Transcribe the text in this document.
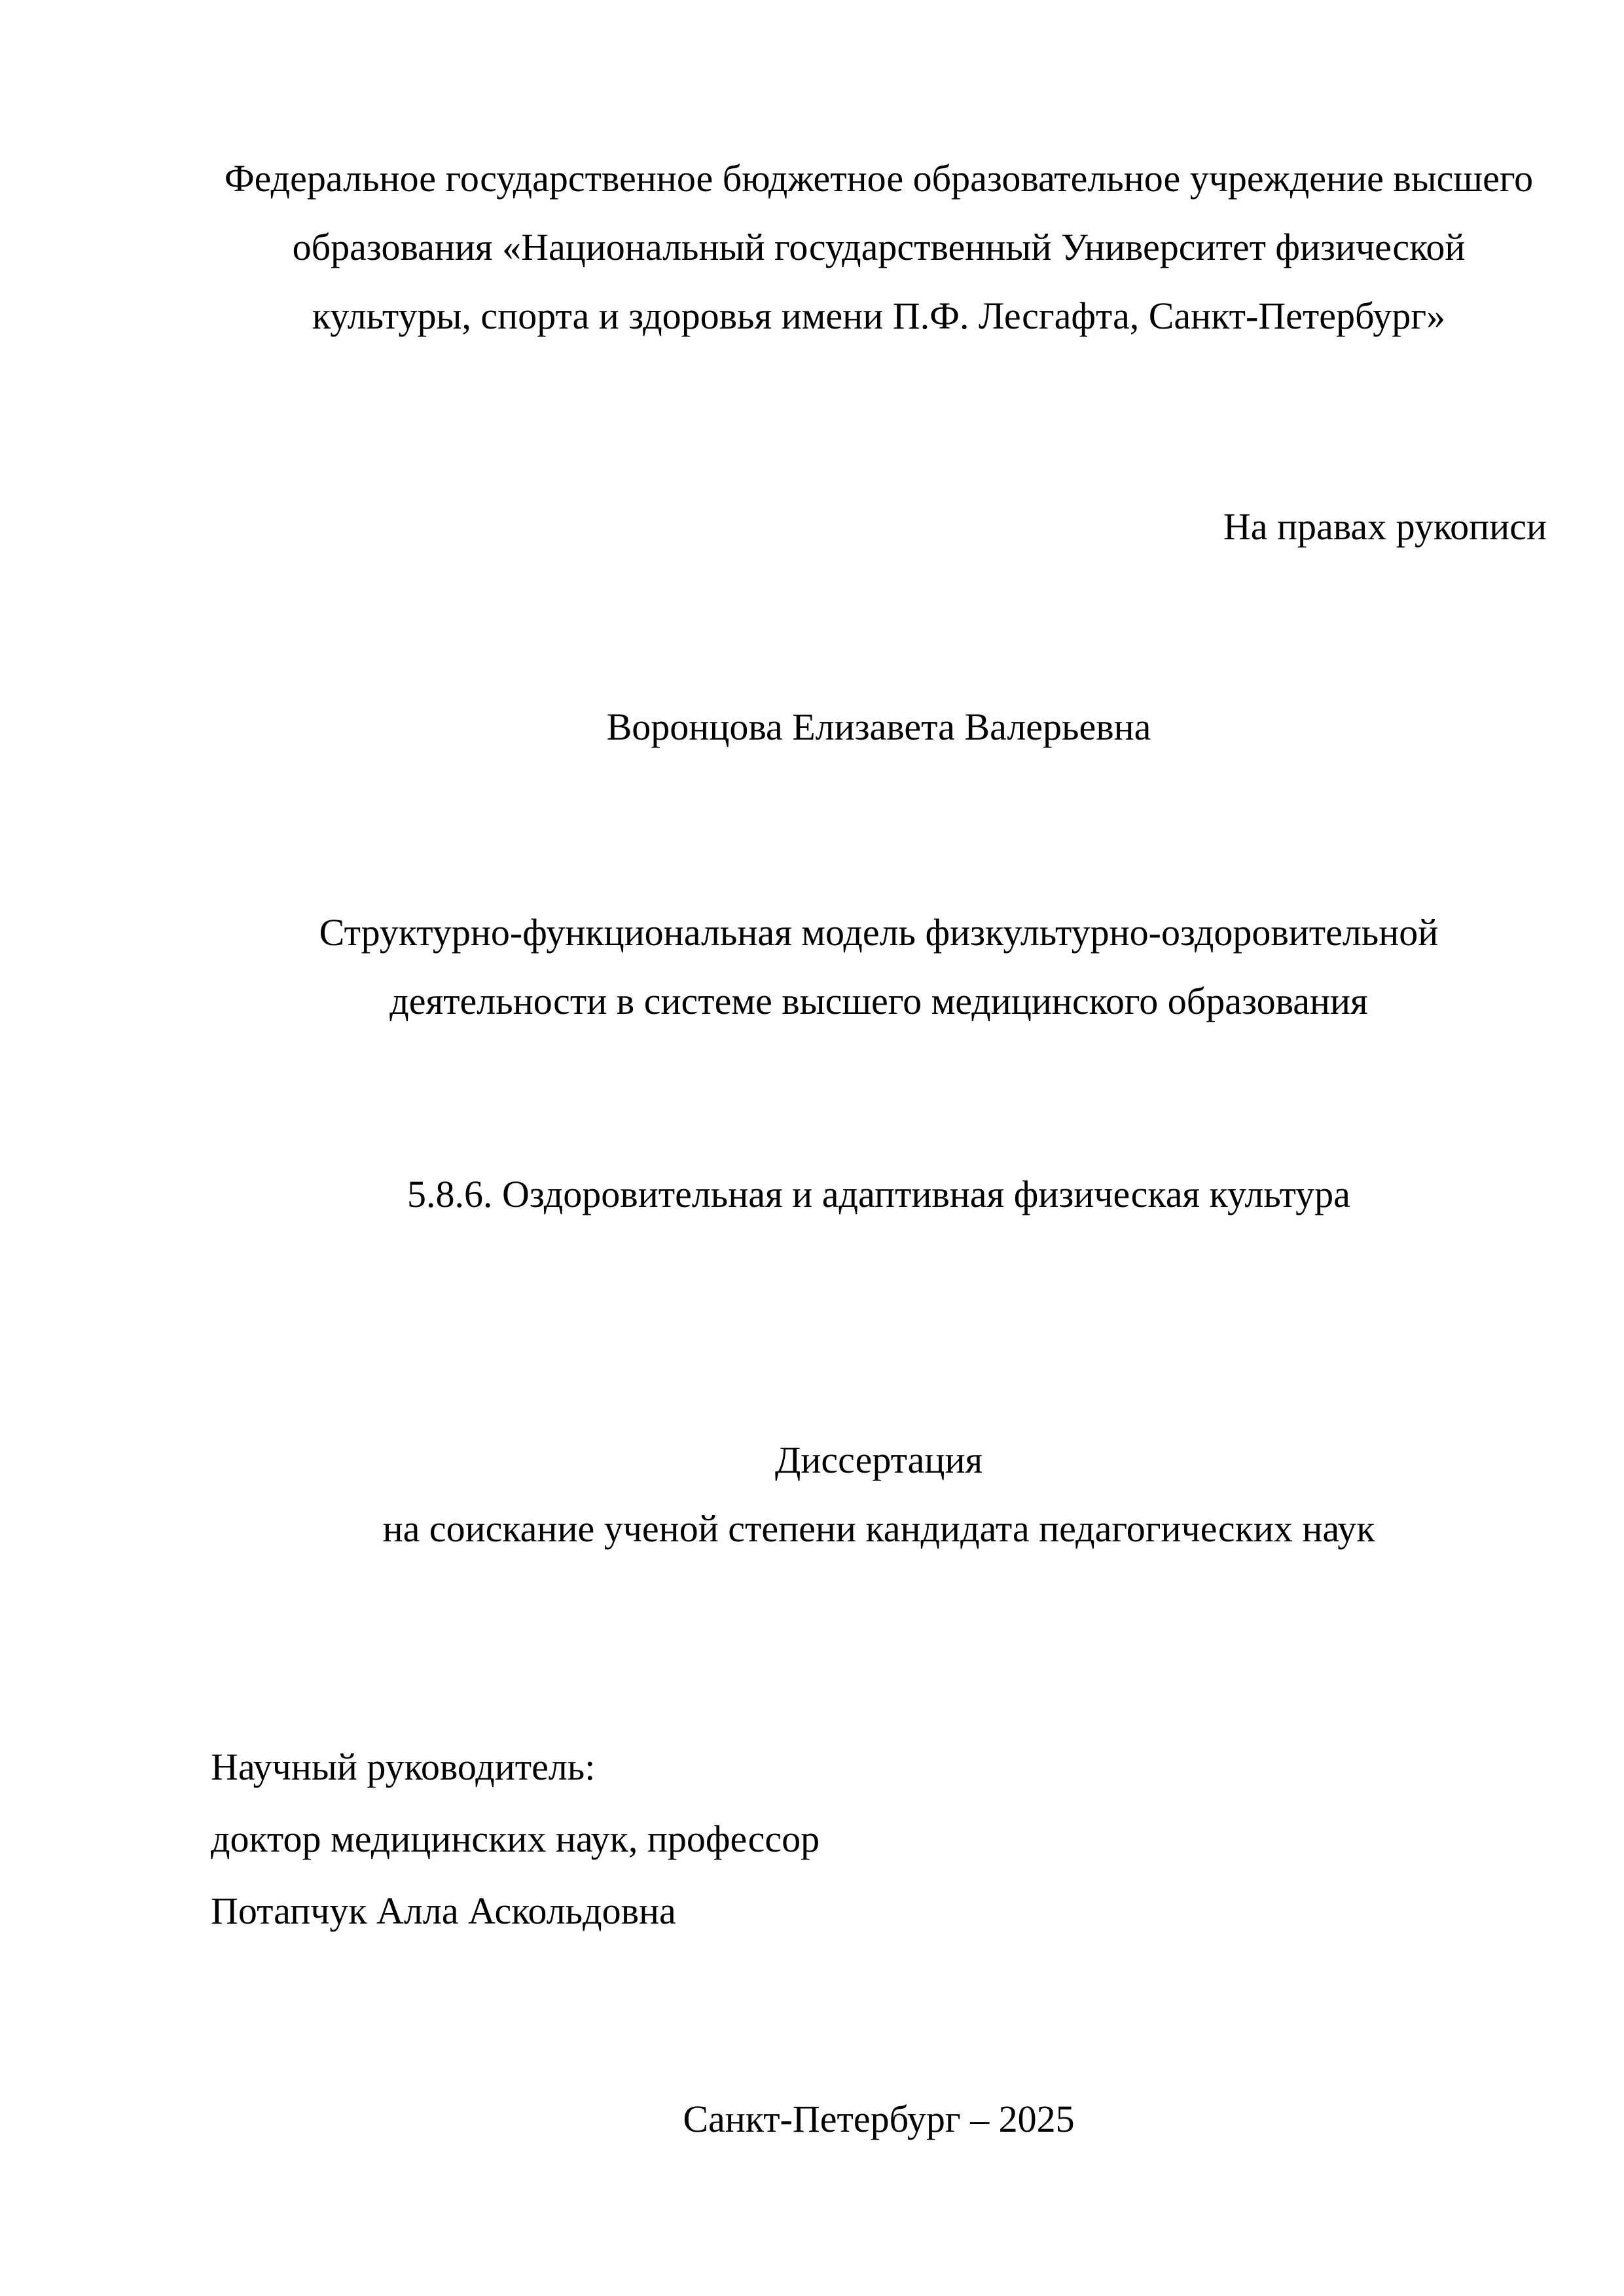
Федеральное государственное бюджетное образовательное учреждение высшего
образования «Национальный государственный Университет физической
культуры, спорта и здоровья имени П.Ф. Лесгафта, Санкт-Петербург»
На правах рукописи
Воронцова Елизавета Валерьевна
Структурно-функциональная модель физкультурно-оздоровительной
деятельности в системе высшего медицинского образования
5.8.6. Оздоровительная и адаптивная физическая культура
Диссертация
на соискание ученой степени кандидата педагогических наук
Научный руководитель:
доктор медицинских наук, профессор
Потапчук Алла Аскольдовна
Санкт-Петербург – 2025
